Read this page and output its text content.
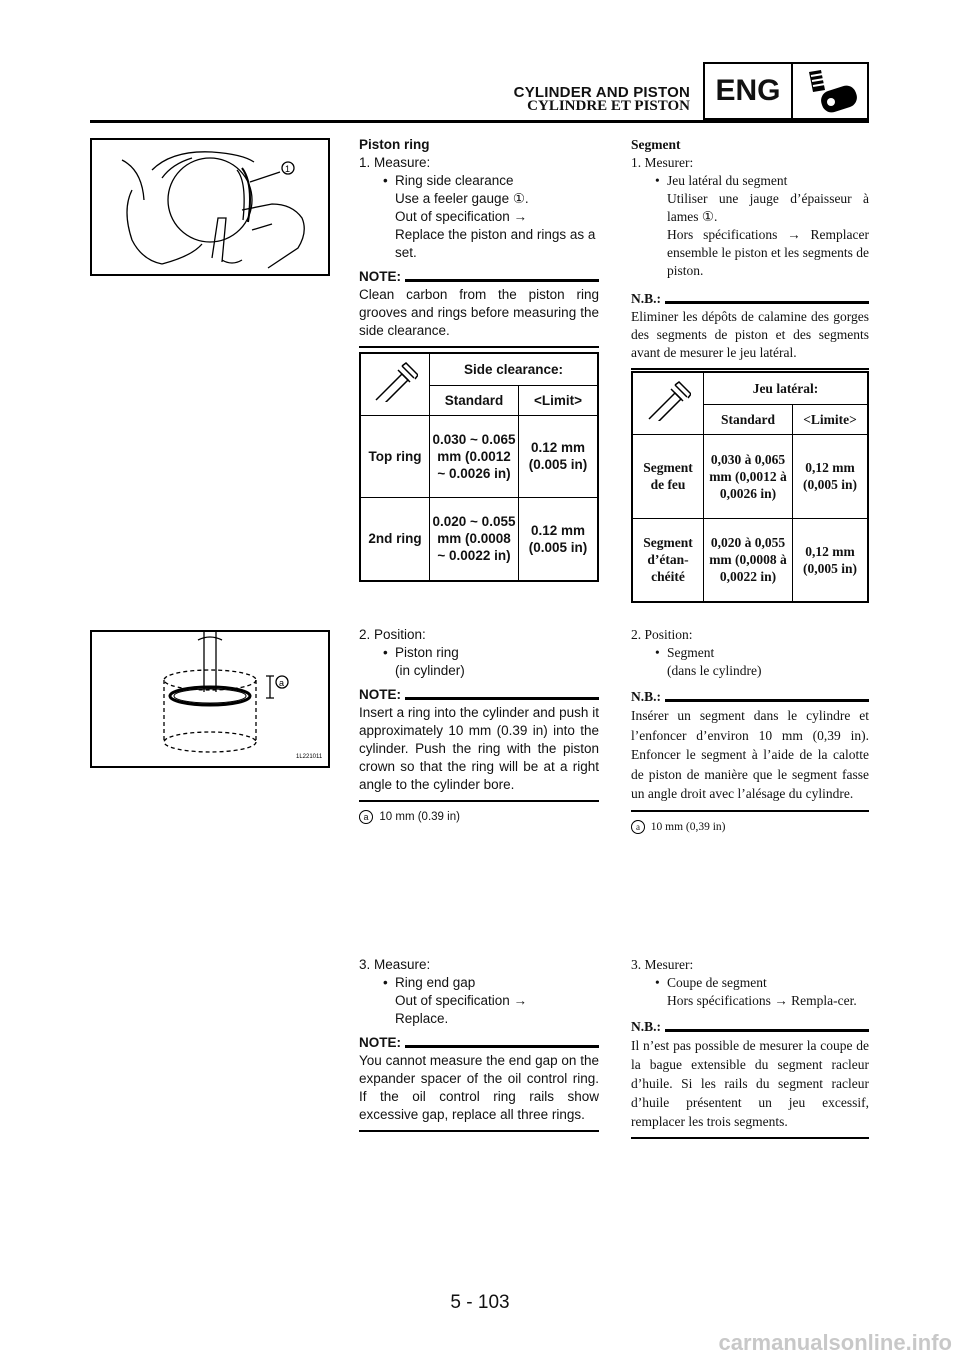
CYLINDER AND PISTON
CYLINDRE ET PISTON ENG
1
Piston ring
1. Measure:
• Ring side clearance
Use a feeler gauge ①.
Out of specification →
Replace the piston and rings as a set.
NOTE:
Clean carbon from the piston ring grooves and rings before measuring the side clearance.
	Side clearance:	
	Standard	<Limit>
Top ring	0.030 ~ 0.065 mm (0.0012 ~ 0.0026 in)	0.12 mm (0.005 in)
2nd ring	0.020 ~ 0.055 mm (0.0008 ~ 0.0022 in)	0.12 mm (0.005 in)
Segment
1. Mesurer:
• Jeu latéral du segment
Utiliser une jauge d’épaisseur à lames ①.
Hors spécifications → Remplacer ensemble le piston et les segments de piston.
N.B.:
Eliminer les dépôts de calamine des gorges des segments de piston et des segments avant de mesurer le jeu latéral.
	Jeu latéral:	
	Standard	<Limite>
Segment de feu	0,030 à 0,065 mm (0,0012 à 0,0026 in)	0,12 mm (0,005 in)
Segment d’étan-chéité	0,020 à 0,055 mm (0,0008 à 0,0022 in)	0,12 mm (0,005 in)
a
1L221011
2. Position:
• Piston ring
(in cylinder)
NOTE:
Insert a ring into the cylinder and push it approximately 10 mm (0.39 in) into the cylinder. Push the ring with the piston crown so that the ring will be at a right angle to the cylinder bore.
a 10 mm (0.39 in)
2. Position:
• Segment
(dans le cylindre)
N.B.:
Insérer un segment dans le cylindre et l’enfoncer d’environ 10 mm (0,39 in). Enfoncer le segment à l’aide de la calotte de piston de manière que le segment fasse un angle droit avec l’alésage du cylindre.
a 10 mm (0,39 in)
3. Measure:
• Ring end gap
Out of specification →
Replace.
NOTE:
You cannot measure the end gap on the expander spacer of the oil control ring. If the oil control ring rails show excessive gap, replace all three rings.
3. Mesurer:
• Coupe de segment
Hors spécifications → Rempla-cer.
N.B.:
Il n’est pas possible de mesurer la coupe de la bague extensible du segment racleur d’huile. Si les rails du segment racleur d’huile présentent un jeu excessif, remplacer les trois segments.
5 - 103
carmanualsonline.info
